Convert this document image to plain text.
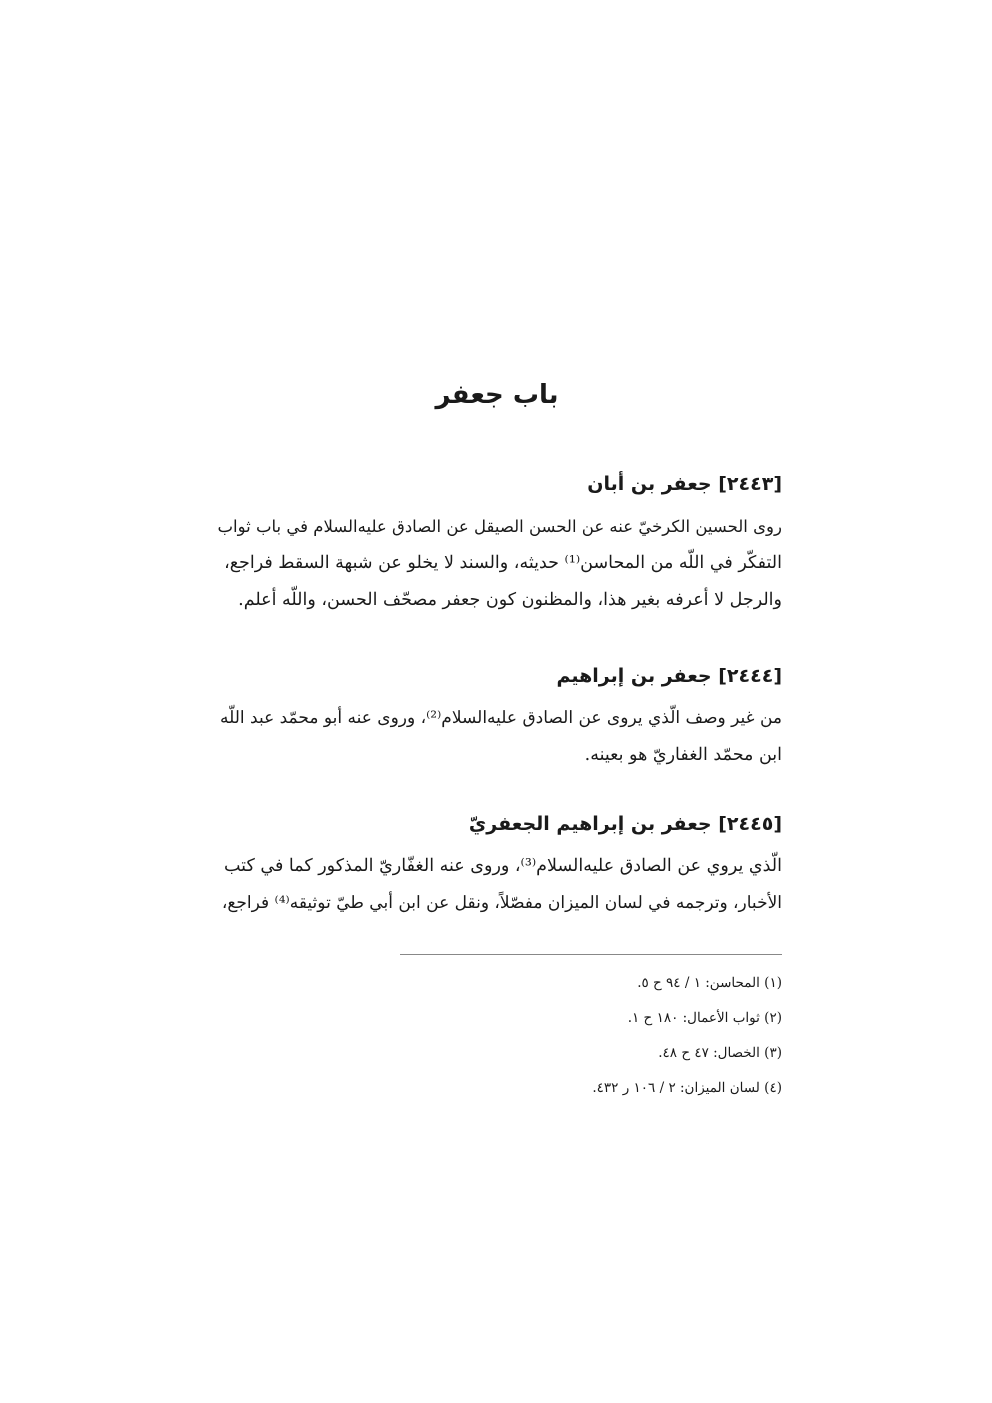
باب جعفر
[٢٤٤٣] جعفر بن أبان

روى الحسين الكرخيّ عنه عن الحسن الصيقل عن الصادق عليه‌السلام في باب ثواب
التفكّر في اللّه من المحاسن⁽¹⁾ حديثه، والسند لا يخلو عن شبهة السقط فراجع،
والرجل لا أعرفه بغير هذا، والمظنون كون جعفر مصحّف الحسن، واللّه أعلم.

[٢٤٤٤] جعفر بن إبراهيم

من غير وصف الّذي يروى عن الصادق عليه‌السلام⁽²⁾، وروى عنه أبو محمّد عبد اللّه
ابن محمّد الغفاريّ هو بعينه.

[٢٤٤٥] جعفر بن إبراهيم الجعفريّ

الّذي يروي عن الصادق عليه‌السلام⁽³⁾، وروى عنه الغفّاريّ المذكور كما في كتب
الأخبار، وترجمه في لسان الميزان مفصّلاً، ونقل عن ابن أبي طيّ توثيقه⁽⁴⁾ فراجع،

(١) المحاسن: ١ / ٩٤ ح ٥.
(٢) ثواب الأعمال: ١٨٠ ح ١.
(٣) الخصال: ٤٧ ح ٤٨.
(٤) لسان الميزان: ٢ / ١٠٦ ر ٤٣٢.
